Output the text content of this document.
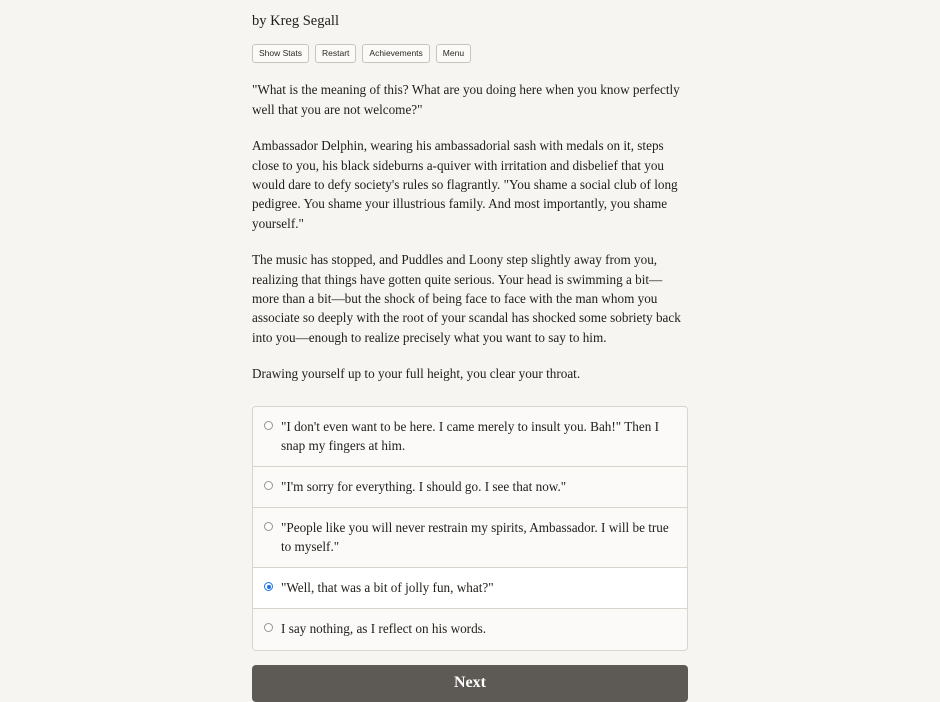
by Kreg Segall
Show Stats	Restart	Achievements	Menu

"What is the meaning of this? What are you doing here when you know perfectly well that you are not welcome?"

Ambassador Delphin, wearing his ambassadorial sash with medals on it, steps close to you, his black sideburns a-quiver with irritation and disbelief that you would dare to defy society's rules so flagrantly. "You shame a social club of long pedigree. You shame your illustrious family. And most importantly, you shame yourself."

The music has stopped, and Puddles and Loony step slightly away from you, realizing that things have gotten quite serious. Your head is swimming a bit—more than a bit—but the shock of being face to face with the man whom you associate so deeply with the root of your scandal has shocked some sobriety back into you—enough to realize precisely what you want to say to him.

Drawing yourself up to your full height, you clear your throat.

"I don't even want to be here. I came merely to insult you. Bah!" Then I snap my fingers at him.
"I'm sorry for everything. I should go. I see that now."
"People like you will never restrain my spirits, Ambassador. I will be true to myself."
"Well, that was a bit of jolly fun, what?"
I say nothing, as I reflect on his words.
Next
